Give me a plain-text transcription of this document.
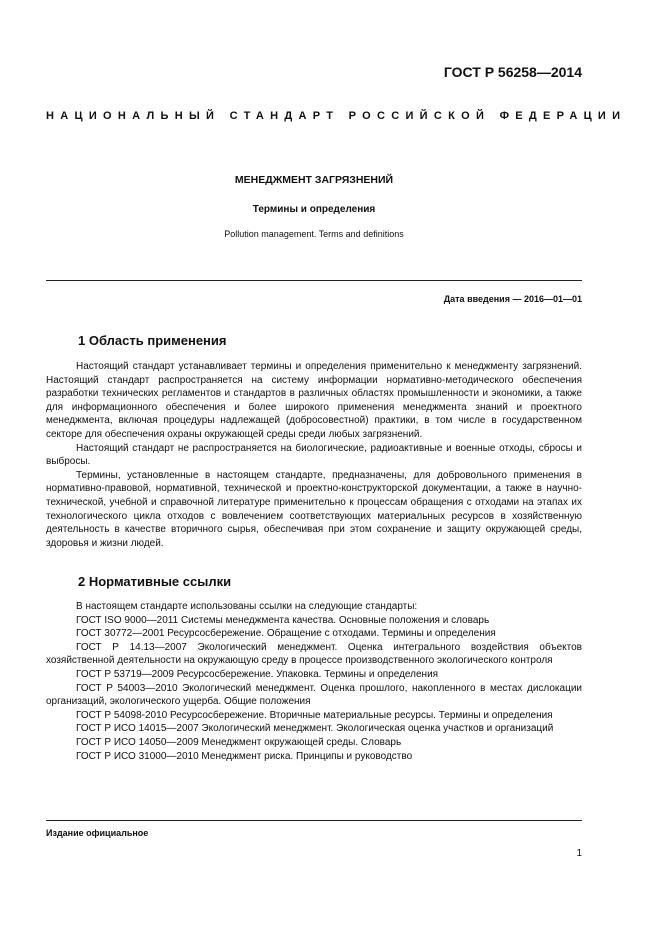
ГОСТ Р 56258—2014
НАЦИОНАЛЬНЫЙ СТАНДАРТ РОССИЙСКОЙ ФЕДЕРАЦИИ
МЕНЕДЖМЕНТ ЗАГРЯЗНЕНИЙ
Термины и определения
Pollution management. Terms and definitions
Дата введения — 2016—01—01
1 Область применения

Настоящий стандарт устанавливает термины и определения применительно к менеджменту загрязнений. Настоящий стандарт распространяется на систему информации нормативно-методического обеспечения разработки технических регламентов и стандартов в различных областях промышленности и экономики, а также для информационного обеспечения и более широкого применения менеджмента знаний и проектного менеджмента, включая процедуры надлежащей (добросовестной) практики, в том числе в государственном секторе для обеспечения охраны окружающей среды среди любых загрязнений.

Настоящий стандарт не распространяется на биологические, радиоактивные и военные отходы, сбросы и выбросы.

Термины, установленные в настоящем стандарте, предназначены, для добровольного применения в нормативно-правовой, нормативной, технической и проектно-конструкторской документации, а также в научно-технической, учебной и справочной литературе применительно к процессам обращения с отходами на этапах их технологического цикла отходов с вовлечением соответствующих материальных ресурсов в хозяйственную деятельность в качестве вторичного сырья, обеспечивая при этом сохранение и защиту окружающей среды, здоровья и жизни людей.

2 Нормативные ссылки

В настоящем стандарте использованы ссылки на следующие стандарты:

ГОСТ ISO 9000—2011 Системы менеджмента качества. Основные положения и словарь

ГОСТ 30772—2001 Ресурсосбережение. Обращение с отходами. Термины и определения

ГОСТ Р 14.13—2007 Экологический менеджмент. Оценка интегрального воздействия объектов хозяйственной деятельности на окружающую среду в процессе производственного экологического контроля

ГОСТ Р 53719—2009 Ресурсосбережение. Упаковка. Термины и определения

ГОСТ Р 54003—2010 Экологический менеджмент. Оценка прошлого, накопленного в местах дислокации организаций, экологического ущерба. Общие положения

ГОСТ Р 54098-2010 Ресурсосбережение. Вторичные материальные ресурсы. Термины и определения

ГОСТ Р ИСО 14015—2007 Экологический менеджмент. Экологическая оценка участков и организаций

ГОСТ Р ИСО 14050—2009 Менеджмент окружающей среды. Словарь

ГОСТ Р ИСО 31000—2010 Менеджмент риска. Принципы и руководство

Издание официальное
1
